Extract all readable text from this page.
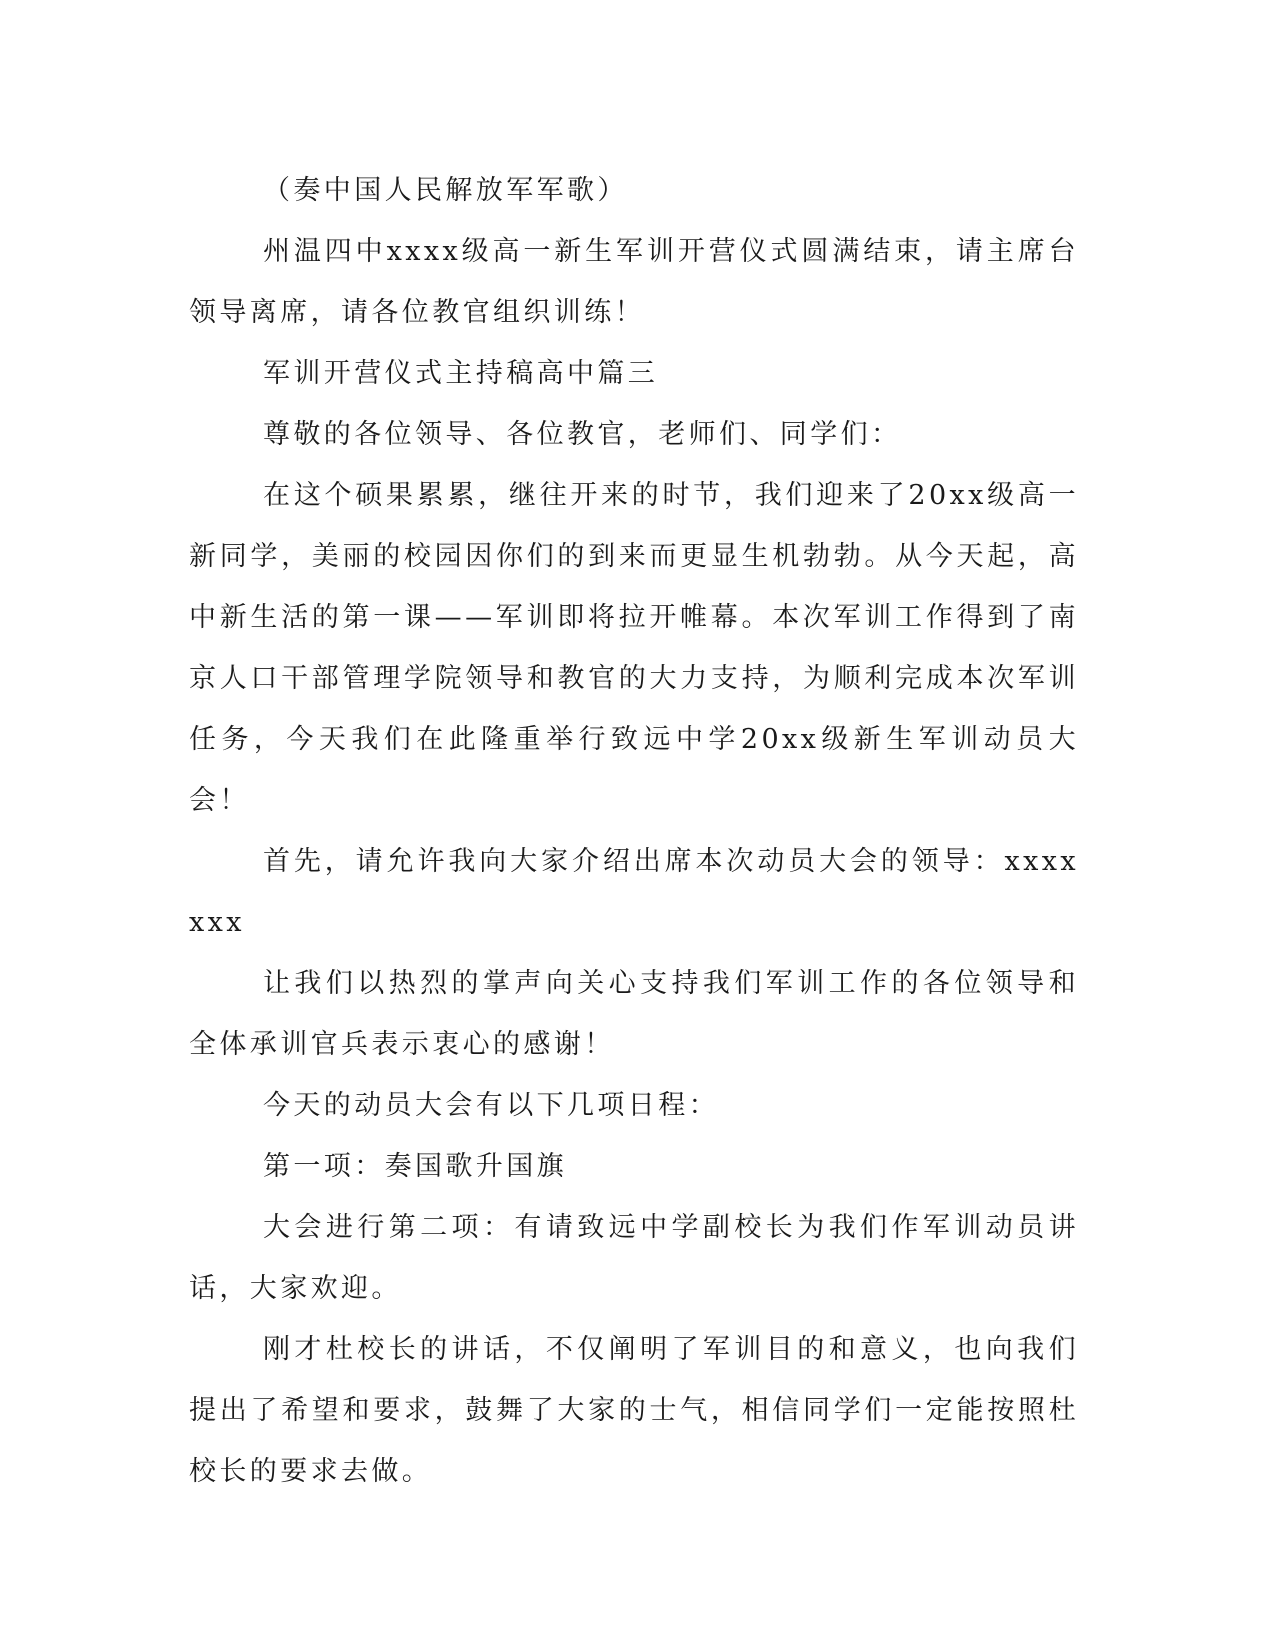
（奏中国人民解放军军歌）

州温四中xxxx级高一新生军训开营仪式圆满结束，请主席台领导离席，请各位教官组织训练！

军训开营仪式主持稿高中篇三

尊敬的各位领导、各位教官，老师们、同学们：

在这个硕果累累，继往开来的时节，我们迎来了20xx级高一新同学，美丽的校园因你们的到来而更显生机勃勃。从今天起，高中新生活的第一课——军训即将拉开帷幕。本次军训工作得到了南京人口干部管理学院领导和教官的大力支持，为顺利完成本次军训任务，今天我们在此隆重举行致远中学20xx级新生军训动员大会！

首先，请允许我向大家介绍出席本次动员大会的领导：xxxxxxx

让我们以热烈的掌声向关心支持我们军训工作的各位领导和全体承训官兵表示衷心的感谢！

今天的动员大会有以下几项日程：

第一项：奏国歌升国旗

大会进行第二项：有请致远中学副校长为我们作军训动员讲话，大家欢迎。

刚才杜校长的讲话，不仅阐明了军训目的和意义，也向我们提出了希望和要求，鼓舞了大家的士气，相信同学们一定能按照杜校长的要求去做。
